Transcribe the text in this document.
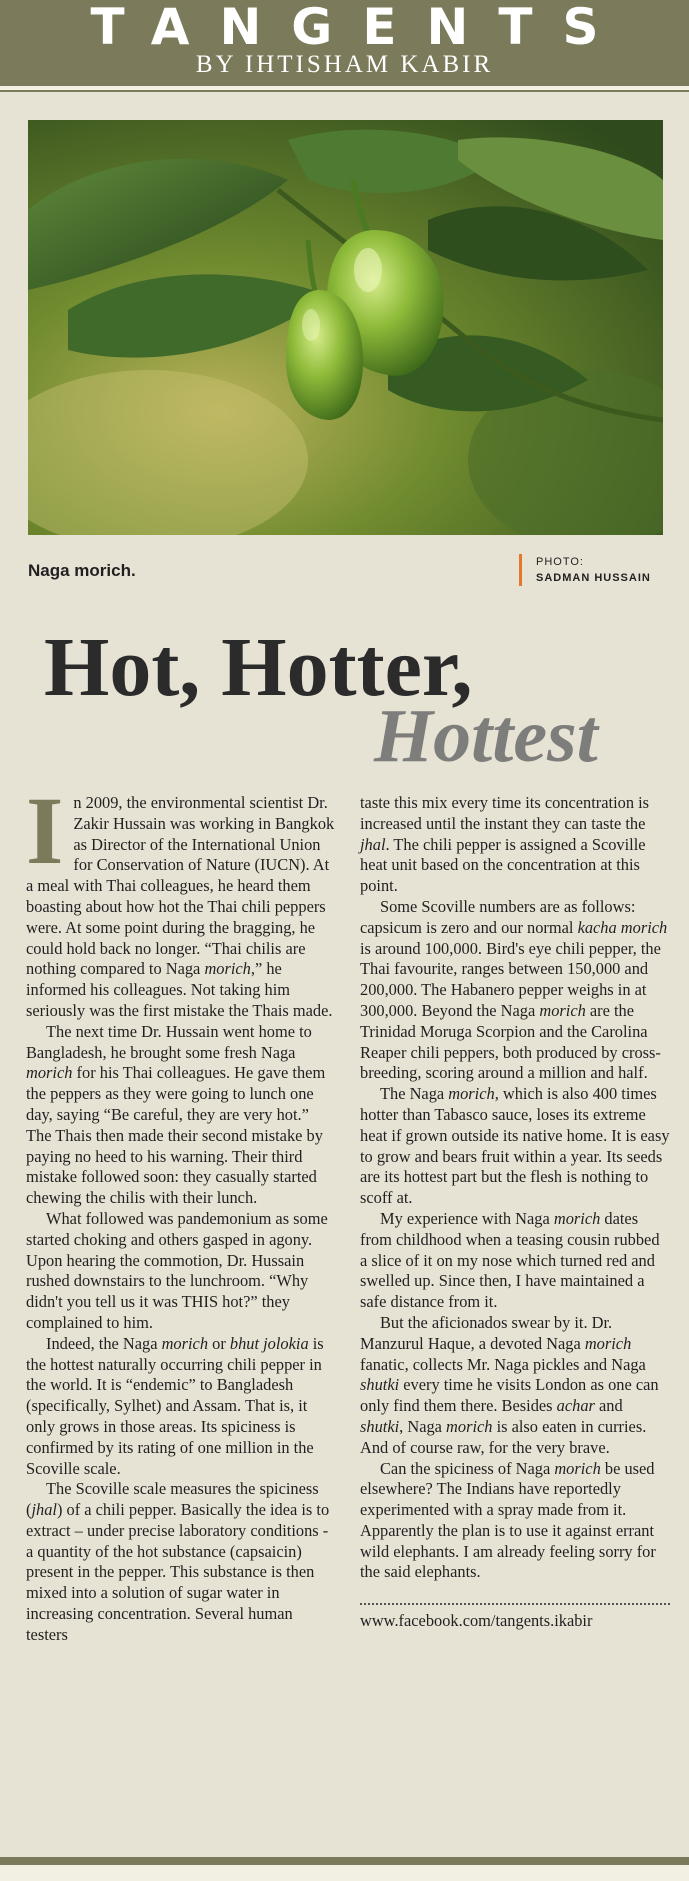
TANGENTS
BY IHTISHAM KABIR
Naga morich.	PHOTO:
SADMAN HUSSAIN
Hot, Hotter,
Hottest

In 2009, the environmental scientist Dr. Zakir Hussain was working in Bangkok as Director of the International Union for Conservation of Nature (IUCN). At a meal with Thai colleagues, he heard them boasting about how hot the Thai chili peppers were. At some point during the bragging, he could hold back no longer. “Thai chilis are nothing compared to Naga morich,” he informed his colleagues. Not taking him seriously was the first mistake the Thais made.

The next time Dr. Hussain went home to Bangladesh, he brought some fresh Naga morich for his Thai colleagues. He gave them the peppers as they were going to lunch one day, saying “Be careful, they are very hot.” The Thais then made their second mistake by paying no heed to his warning. Their third mistake followed soon: they casually started chewing the chilis with their lunch.

What followed was pandemonium as some started choking and others gasped in agony. Upon hearing the commotion, Dr. Hussain rushed downstairs to the lunchroom. “Why didn't you tell us it was THIS hot?” they complained to him.

Indeed, the Naga morich or bhut jolokia is the hottest naturally occurring chili pepper in the world. It is “endemic” to Bangladesh (specifically, Sylhet) and Assam. That is, it only grows in those areas. Its spiciness is confirmed by its rating of one million in the Scoville scale.

The Scoville scale measures the spiciness (jhal) of a chili pepper. Basically the idea is to extract – under precise laboratory conditions - a quantity of the hot substance (capsaicin) present in the pepper. This substance is then mixed into a solution of sugar water in increasing concentration. Several human testers

taste this mix every time its concentration is increased until the instant they can taste the jhal. The chili pepper is assigned a Scoville heat unit based on the concentration at this point.

Some Scoville numbers are as follows: capsicum is zero and our normal kacha morich is around 100,000. Bird's eye chili pepper, the Thai favourite, ranges between 150,000 and 200,000. The Habanero pepper weighs in at 300,000. Beyond the Naga morich are the Trinidad Moruga Scorpion and the Carolina Reaper chili peppers, both produced by cross-breeding, scoring around a million and half.

The Naga morich, which is also 400 times hotter than Tabasco sauce, loses its extreme heat if grown outside its native home. It is easy to grow and bears fruit within a year. Its seeds are its hottest part but the flesh is nothing to scoff at.

My experience with Naga morich dates from childhood when a teasing cousin rubbed a slice of it on my nose which turned red and swelled up. Since then, I have maintained a safe distance from it.

But the aficionados swear by it. Dr. Manzurul Haque, a devoted Naga morich fanatic, collects Mr. Naga pickles and Naga shutki every time he visits London as one can only find them there. Besides achar and shutki, Naga morich is also eaten in curries. And of course raw, for the very brave.

Can the spiciness of Naga morich be used elsewhere? The Indians have reportedly experimented with a spray made from it. Apparently the plan is to use it against errant wild elephants. I am already feeling sorry for the said elephants.

www.facebook.com/tangents.ikabir
